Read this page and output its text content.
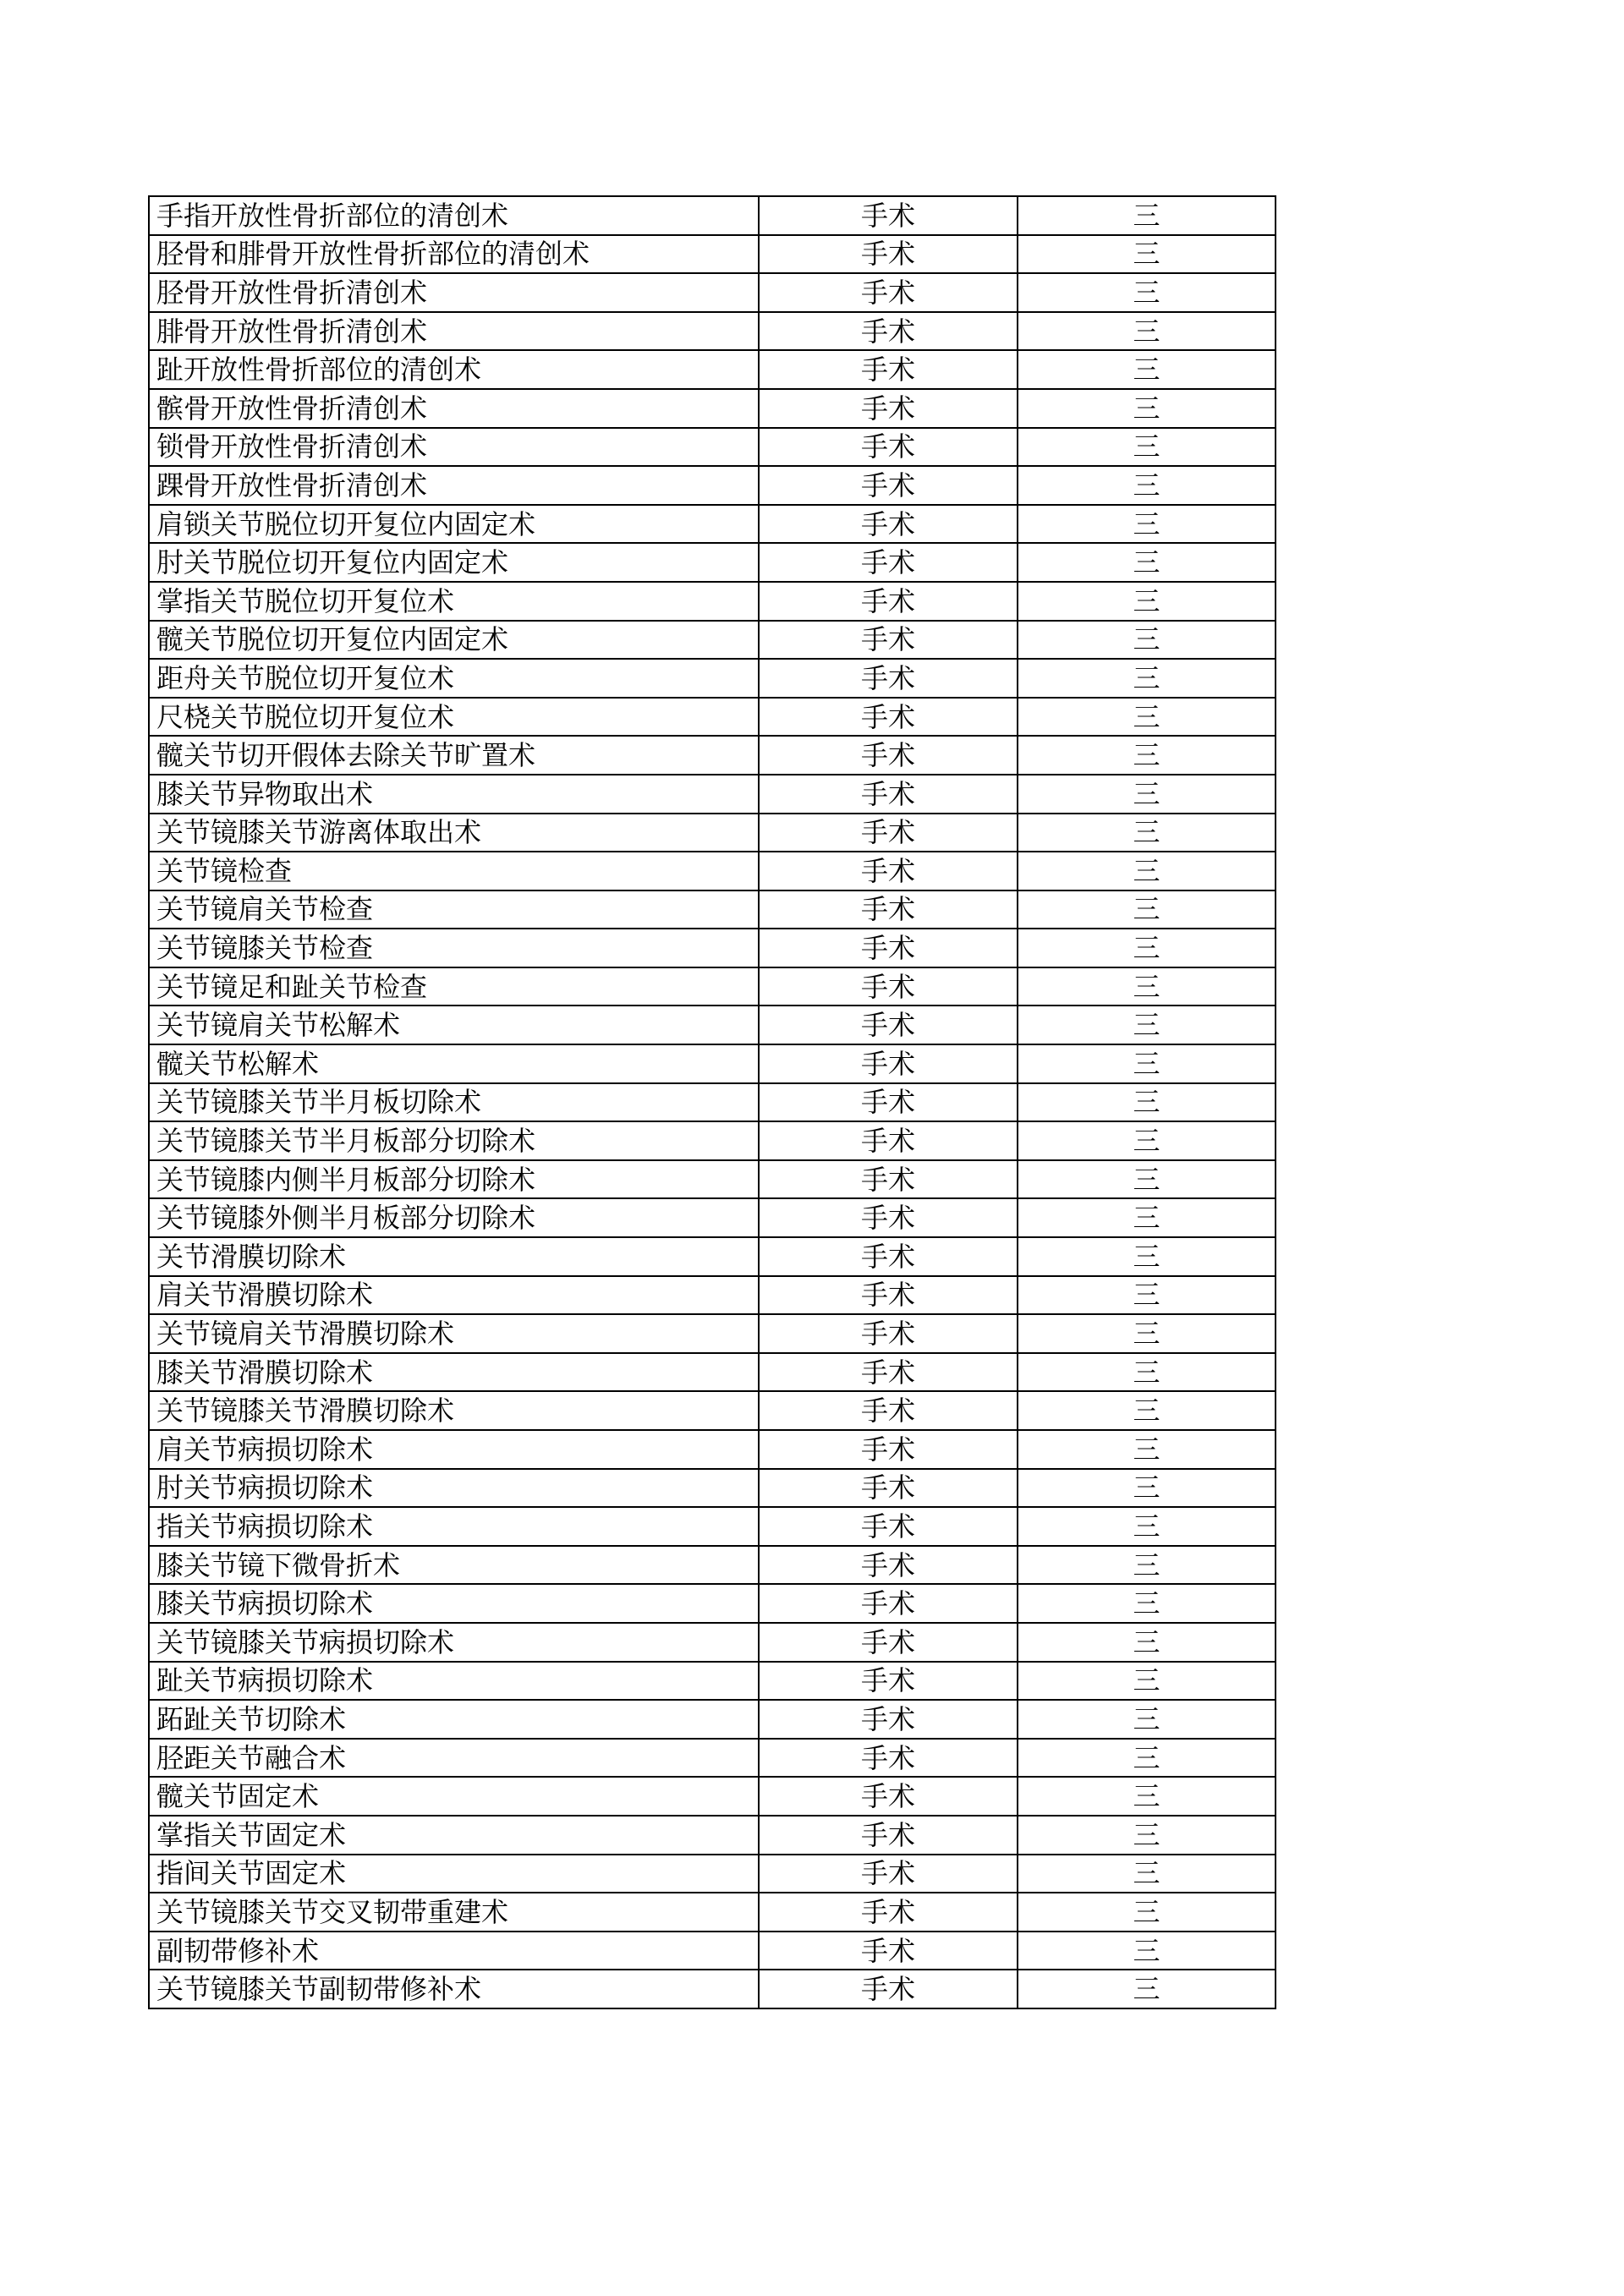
手指开放性骨折部位的清创术	手术	三
胫骨和腓骨开放性骨折部位的清创术	手术	三
胫骨开放性骨折清创术	手术	三
腓骨开放性骨折清创术	手术	三
趾开放性骨折部位的清创术	手术	三
髌骨开放性骨折清创术	手术	三
锁骨开放性骨折清创术	手术	三
踝骨开放性骨折清创术	手术	三
肩锁关节脱位切开复位内固定术	手术	三
肘关节脱位切开复位内固定术	手术	三
掌指关节脱位切开复位术	手术	三
髋关节脱位切开复位内固定术	手术	三
距舟关节脱位切开复位术	手术	三
尺桡关节脱位切开复位术	手术	三
髋关节切开假体去除关节旷置术	手术	三
膝关节异物取出术	手术	三
关节镜膝关节游离体取出术	手术	三
关节镜检查	手术	三
关节镜肩关节检查	手术	三
关节镜膝关节检查	手术	三
关节镜足和趾关节检查	手术	三
关节镜肩关节松解术	手术	三
髋关节松解术	手术	三
关节镜膝关节半月板切除术	手术	三
关节镜膝关节半月板部分切除术	手术	三
关节镜膝内侧半月板部分切除术	手术	三
关节镜膝外侧半月板部分切除术	手术	三
关节滑膜切除术	手术	三
肩关节滑膜切除术	手术	三
关节镜肩关节滑膜切除术	手术	三
膝关节滑膜切除术	手术	三
关节镜膝关节滑膜切除术	手术	三
肩关节病损切除术	手术	三
肘关节病损切除术	手术	三
指关节病损切除术	手术	三
膝关节镜下微骨折术	手术	三
膝关节病损切除术	手术	三
关节镜膝关节病损切除术	手术	三
趾关节病损切除术	手术	三
跖趾关节切除术	手术	三
胫距关节融合术	手术	三
髋关节固定术	手术	三
掌指关节固定术	手术	三
指间关节固定术	手术	三
关节镜膝关节交叉韧带重建术	手术	三
副韧带修补术	手术	三
关节镜膝关节副韧带修补术	手术	三
